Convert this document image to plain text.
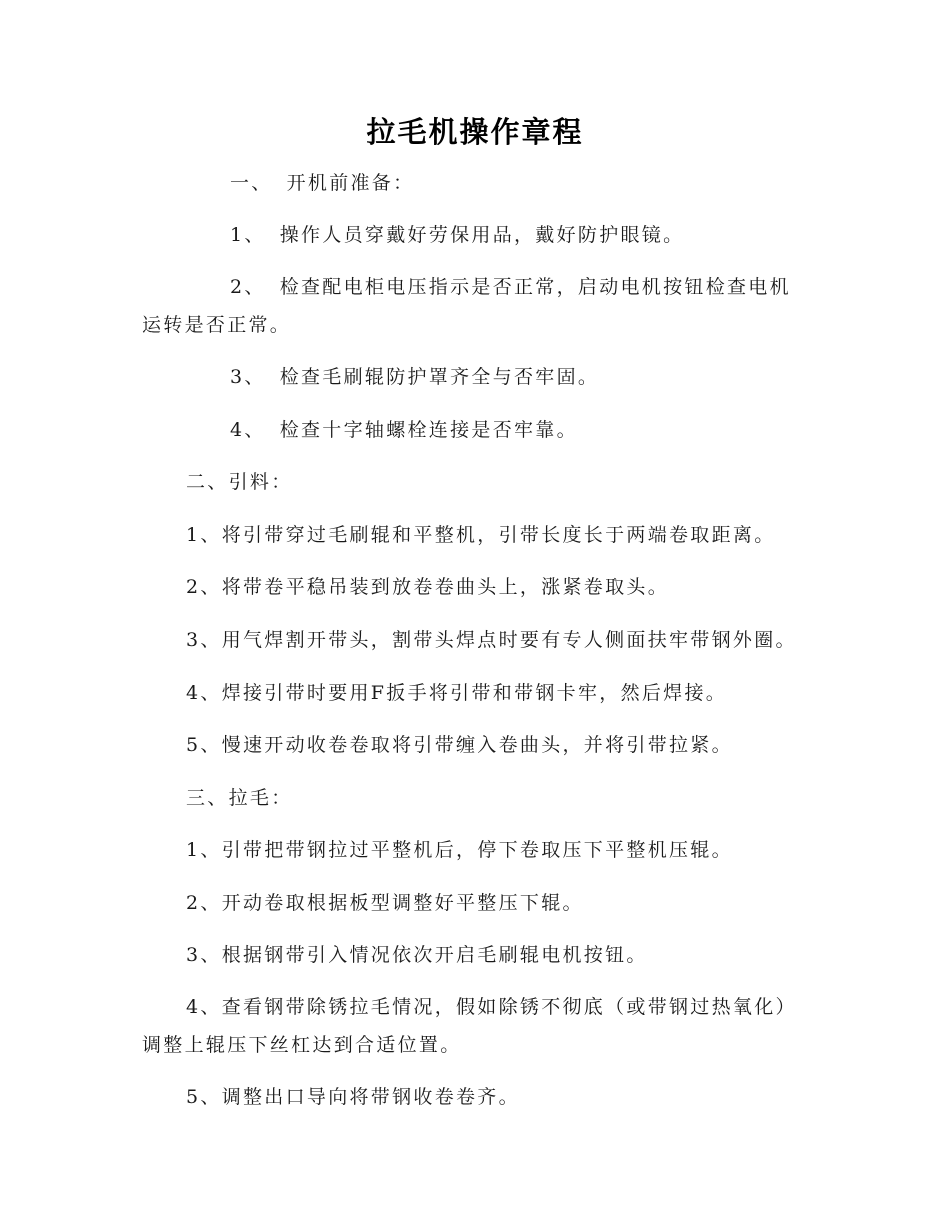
拉毛机操作章程

一、 开机前准备：

1、 操作人员穿戴好劳保用品，戴好防护眼镜。

2、 检查配电柜电压指示是否正常，启动电机按钮检查电机运转是否正常。

3、 检查毛刷辊防护罩齐全与否牢固。

4、 检查十字轴螺栓连接是否牢靠。

二、引料：

1、将引带穿过毛刷辊和平整机，引带长度长于两端卷取距离。

2、将带卷平稳吊装到放卷卷曲头上，涨紧卷取头。

3、用气焊割开带头，割带头焊点时要有专人侧面扶牢带钢外圈。

4、焊接引带时要用F扳手将引带和带钢卡牢，然后焊接。

5、慢速开动收卷卷取将引带缠入卷曲头，并将引带拉紧。

三、拉毛：

1、引带把带钢拉过平整机后，停下卷取压下平整机压辊。

2、开动卷取根据板型调整好平整压下辊。

3、根据钢带引入情况依次开启毛刷辊电机按钮。

4、查看钢带除锈拉毛情况，假如除锈不彻底（或带钢过热氧化）调整上辊压下丝杠达到合适位置。

5、调整出口导向将带钢收卷卷齐。
